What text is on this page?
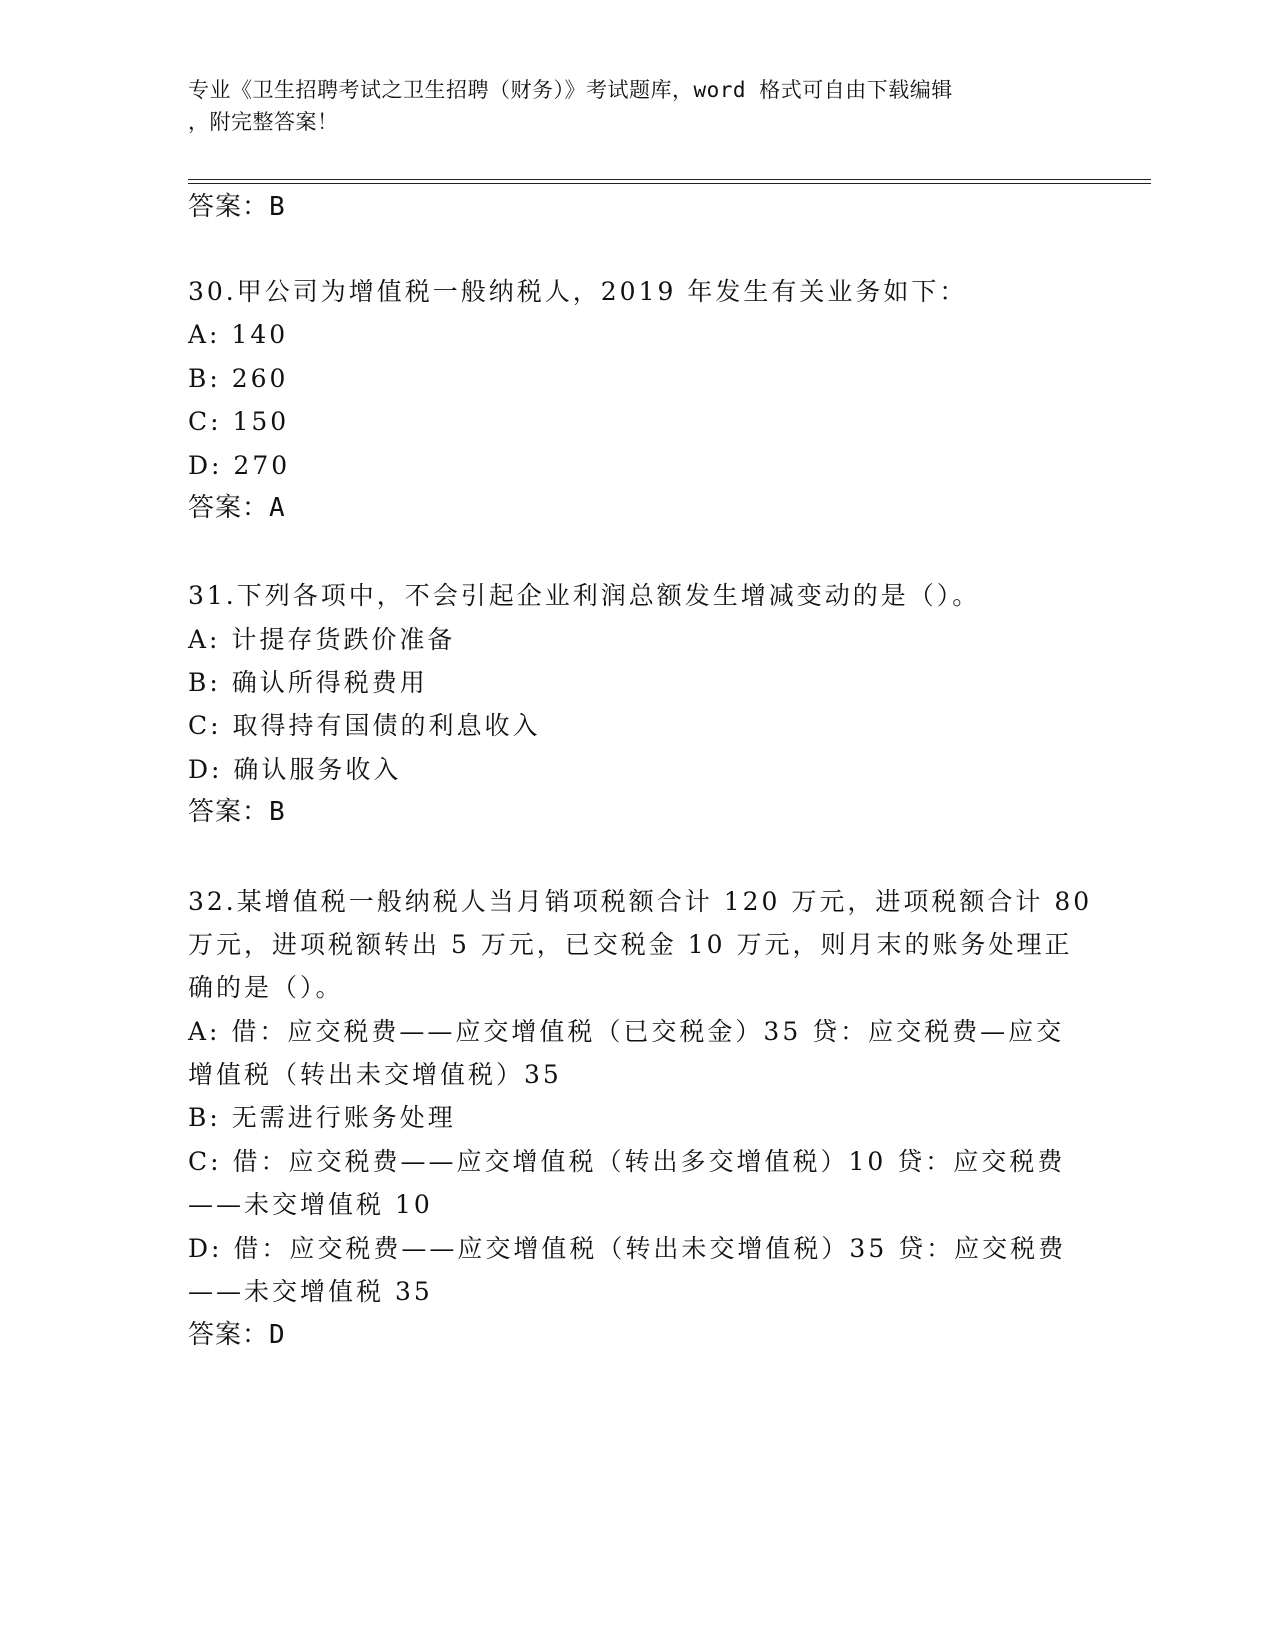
专业《卫生招聘考试之卫生招聘（财务）》考试题库，word 格式可自由下载编辑
，附完整答案！
答案：B
30.甲公司为增值税一般纳税人，2019 年发生有关业务如下：
A: 140
B: 260
C: 150
D: 270
答案：A
31.下列各项中，不会引起企业利润总额发生增减变动的是（）。
A: 计提存货跌价准备
B: 确认所得税费用
C: 取得持有国债的利息收入
D: 确认服务收入
答案：B
32.某增值税一般纳税人当月销项税额合计 120 万元，进项税额合计 80
万元，进项税额转出 5 万元，已交税金 10 万元，则月末的账务处理正
确的是（）。
A: 借：应交税费——应交增值税（已交税金）35 贷：应交税费—应交
增值税（转出未交增值税）35
B: 无需进行账务处理
C: 借：应交税费——应交增值税（转出多交增值税）10 贷：应交税费
——未交增值税 10
D: 借：应交税费——应交增值税（转出未交增值税）35 贷：应交税费
——未交增值税 35
答案：D
